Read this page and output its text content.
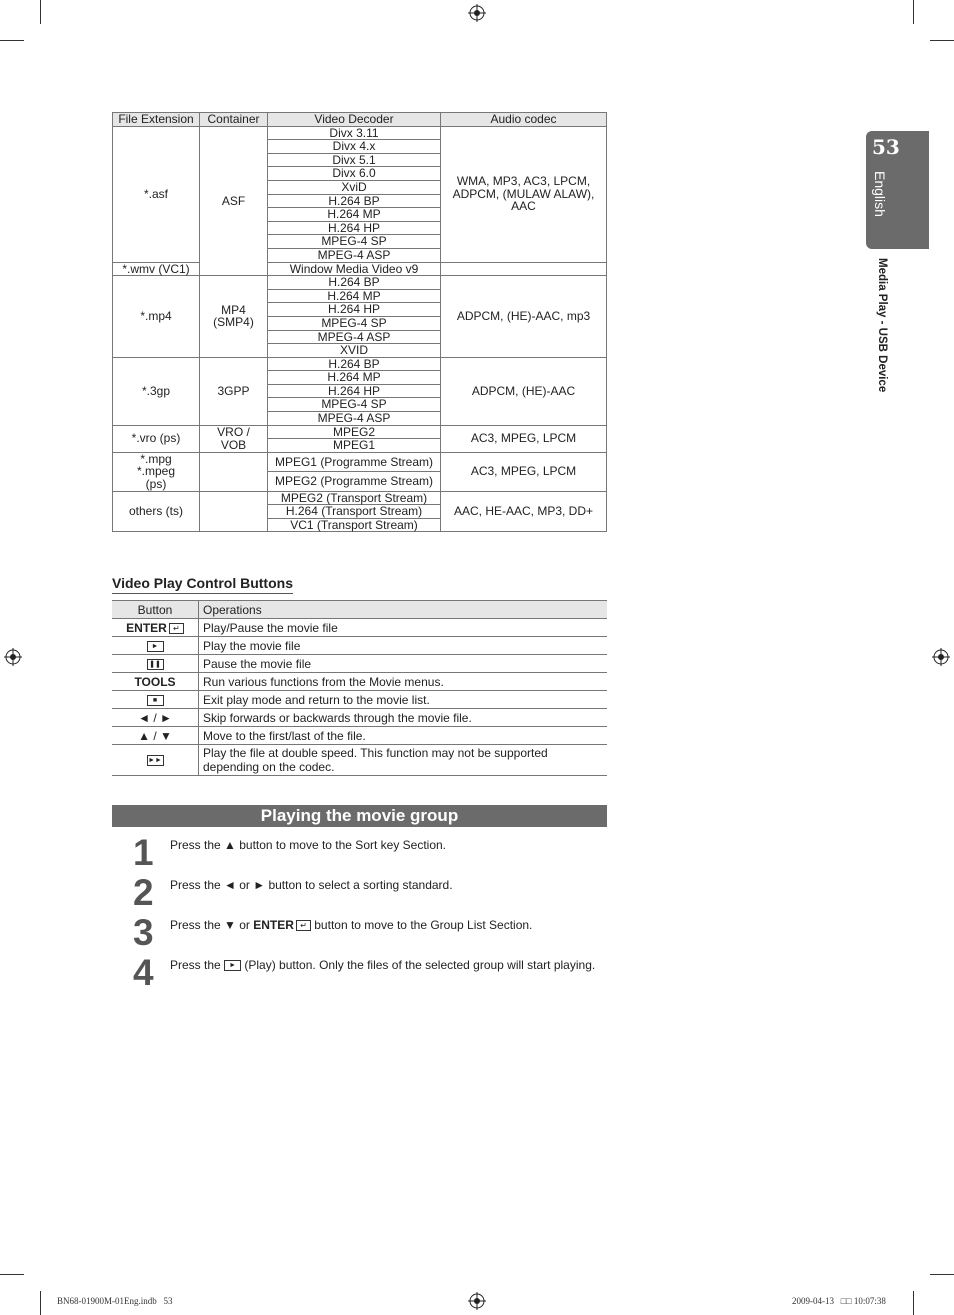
53
English
Media Play - USB Device
File Extension	Container	Video Decoder	Audio codec
*.asf	ASF	Divx 3.11	WMA, MP3, AC3, LPCM, ADPCM, (MULAW ALAW), AAC
		Divx 4.x	
		Divx 5.1	
		Divx 6.0	
		XviD	
		H.264 BP	
		H.264 MP	
		H.264 HP	
		MPEG-4 SP	
		MPEG-4 ASP	
*.wmv (VC1)		Window Media Video v9	
*.mp4	MP4 (SMP4)	H.264 BP	ADPCM, (HE)-AAC, mp3
		H.264 MP	
		H.264 HP	
		MPEG-4 SP	
		MPEG-4 ASP	
		XVID	
*.3gp	3GPP	H.264 BP	ADPCM, (HE)-AAC
		H.264 MP	
		H.264 HP	
		MPEG-4 SP	
		MPEG-4 ASP	
*.vro (ps)	VRO / VOB	MPEG2	AC3, MPEG, LPCM
		MPEG1	
*.mpg *.mpeg (ps)		MPEG1 (Programme Stream)	AC3, MPEG, LPCM
		MPEG2 (Programme Stream)	
others (ts)		MPEG2 (Transport Stream)	AAC, HE-AAC, MP3, DD+
		H.264 (Transport Stream)	
		VC1 (Transport Stream)	
Video Play Control Buttons
Button	Operations
ENTER ↵	Play/Pause the movie file
►	Play the movie file
❚❚	Pause the movie file
TOOLS	Run various functions from the Movie menus.
■	Exit play mode and return to the movie list.
◄ / ►	Skip forwards or backwards through the movie file.
▲ / ▼	Move to the first/last of the file.
►►	Play the file at double speed. This function may not be supported depending on the codec.
Playing the movie group
1 Press the ▲ button to move to the Sort key Section.
2 Press the ◄ or ► button to select a sorting standard.
3 Press the ▼ or ENTER ↵ button to move to the Group List Section.
4 Press the ► (Play) button. Only the files of the selected group will start playing.
BN68-01900M-01Eng.indb   53	2009-04-13   □□ 10:07:38
